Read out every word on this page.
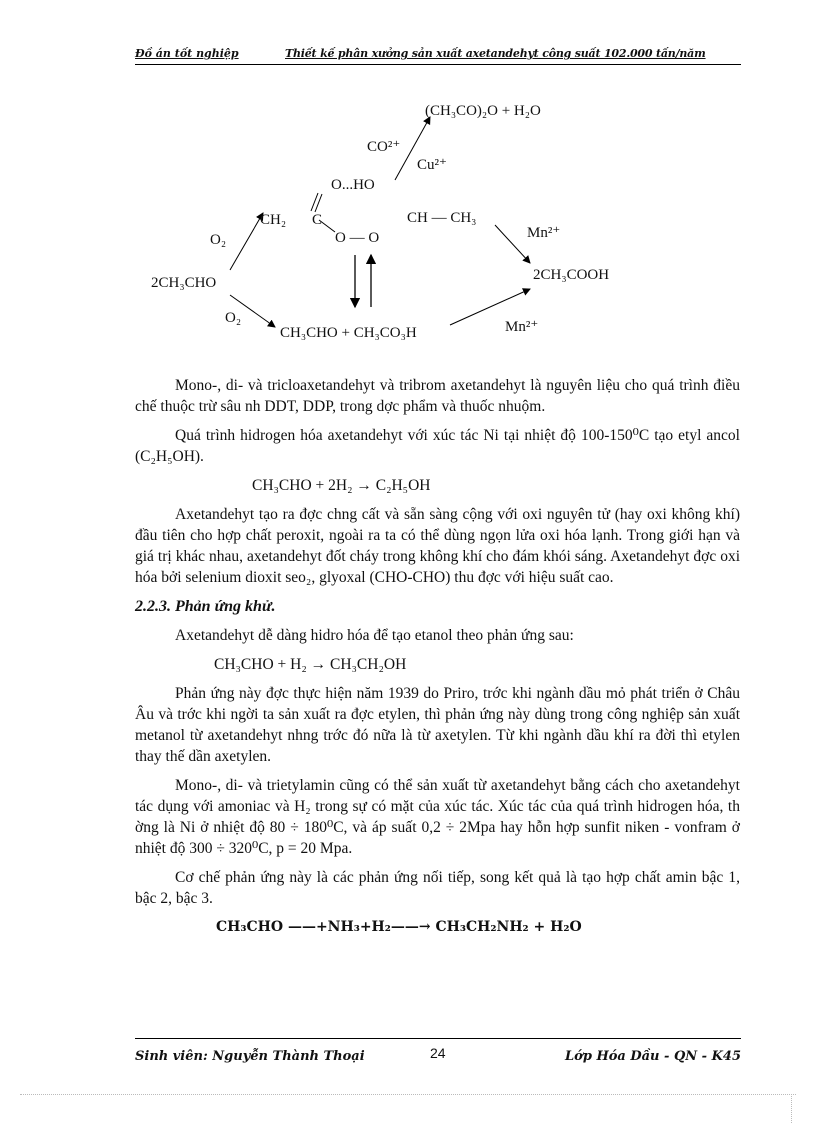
Đồ án tốt nghiệp	Thiết kế phân xưởng sản xuất axetandehyt công suất 102.000 tấn/năm
2CH₃CHO
O₂
O₂
(CH₃CO)₂O + H₂O
CO²⁺
Cu²⁺
O...HO
CH₂ C
O — O
CH — CH₃
Mn²⁺
2CH₃COOH
CH₃CHO + CH₃CO₃H	Mn²⁺

Mono-, di- và tricloaxetandehyt và tribrom axetandehyt là nguyên liệu cho quá trình điều chế thuộc trừ sâu nh DDT, DDP, trong dợc phẩm và thuốc nhuộm.

Quá trình hidrogen hóa axetandehyt với xúc tác Ni tại nhiệt độ 100-150⁰C tạo etyl ancol (C₂H₅OH).

CH₃CHO + 2H₂ → C₂H₅OH

Axetandehyt tạo ra đợc chng cất và sẵn sàng cộng với oxi nguyên tử (hay oxi không khí) đầu tiên cho hợp chất peroxit, ngoài ra ta có thể dùng ngọn lửa oxi hóa lạnh. Trong giới hạn và giá trị khác nhau, axetandehyt đốt cháy trong không khí cho đám khói sáng. Axetandehyt đợc oxi hóa bởi selenium dioxit seo₂, glyoxal (CHO-CHO) thu đợc với hiệu suất cao.

2.2.3. Phản ứng khử.

Axetandehyt dễ dàng hidro hóa để tạo etanol theo phản ứng sau:

CH₃CHO + H₂ → CH₃CH₂OH

Phản ứng này đợc thực hiện năm 1939 do Priro, trớc khi ngành dầu mỏ phát triển ở Châu Âu và trớc khi ngời ta sản xuất ra đợc etylen, thì phản ứng này dùng trong công nghiệp sản xuất metanol từ axetandehyt nhng trớc đó nữa là từ axetylen. Từ khi ngành dầu khí ra đời thì etylen thay thế dần axetylen.

Mono-, di- và trietylamin cũng có thể sản xuất từ axetandehyt bằng cách cho axetandehyt tác dụng với amoniac và H₂ trong sự có mặt của xúc tác. Xúc tác của quá trình hidrogen hóa, th ờng là Ni ở nhiệt độ 80 ÷ 180⁰C, và áp suất 0,2 ÷ 2Mpa hay hỗn hợp sunfit niken - vonfram ở nhiệt độ 300 ÷ 320⁰C, p = 20 Mpa.

Cơ chế phản ứng này là các phản ứng nối tiếp, song kết quả là tạo hợp chất amin bậc 1, bậc 2, bậc 3.

CH₃CHO ——+NH₃+H₂——→ CH₃CH₂NH₂ + H₂O

Sinh viên: Nguyễn Thành Thoại	24	Lớp Hóa Dầu - QN - K45
